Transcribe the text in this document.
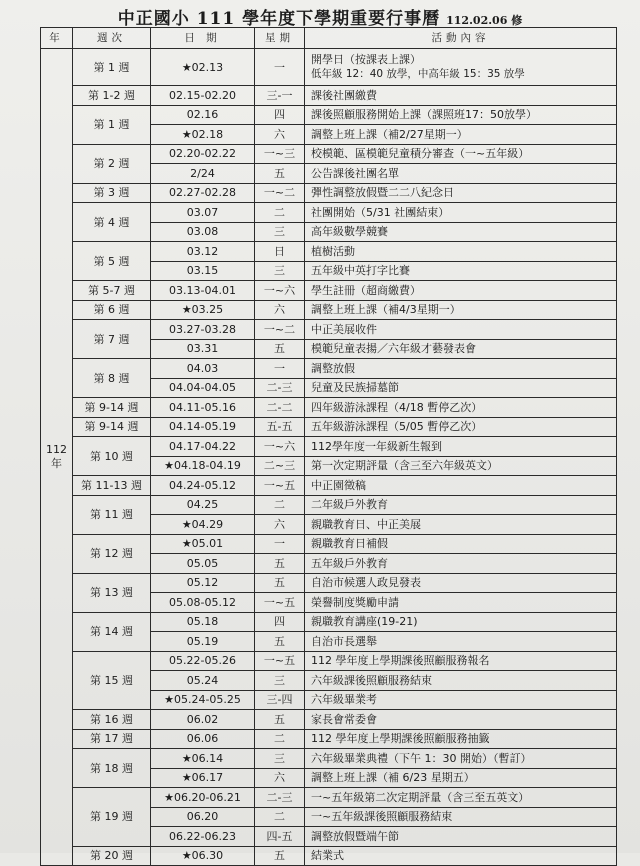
中正國小 111 學年度下學期重要行事曆 112.02.06 修
年	週次	日 期	星期	活動內容
112
年	第 1 週	★02.13	一	開學日（按課表上課）
低年級 12：40 放學，中高年級 15：35 放學

	第 1-2 週	02.15-02.20	三-一	課後社團繳費
	第 1 週	02.16	四	課後照顧服務開始上課（課照班17：50放學）
		★02.18	六	調整上班上課（補2/27星期一）
	第 2 週	02.20-02.22	一~三	校模範、區模範兒童積分審查（一~五年級）
		2/24	五	公告課後社團名單
	第 3 週	02.27-02.28	一~二	彈性調整放假暨二二八紀念日
	第 4 週	03.07	二	社團開始（5/31 社團結束）
		03.08	三	高年級數學競賽
	第 5 週	03.12	日	植樹活動
		03.15	三	五年級中英打字比賽
	第 5-7 週	03.13-04.01	一~六	學生註冊（超商繳費）
	第 6 週	★03.25	六	調整上班上課（補4/3星期一）
	第 7 週	03.27-03.28	一~二	中正美展收件
		03.31	五	模範兒童表揚／六年級才藝發表會
	第 8 週	04.03	一	調整放假
		04.04-04.05	二-三	兒童及民族掃墓節
	第 9-14 週	04.11-05.16	二-二	四年級游泳課程（4/18 暫停乙次）
	第 9-14 週	04.14-05.19	五-五	五年級游泳課程（5/05 暫停乙次）
	第 10 週	04.17-04.22	一~六	112學年度一年級新生報到
		★04.18-04.19	二~三	第一次定期評量（含三至六年級英文）
	第 11-13 週	04.24-05.12	一~五	中正園徵稿
	第 11 週	04.25	二	二年級戶外教育
		★04.29	六	親職教育日、中正美展
	第 12 週	★05.01	一	親職教育日補假
		05.05	五	五年級戶外教育
	第 13 週	05.12	五	自治市候選人政見發表
		05.08-05.12	一~五	榮譽制度獎勵申請
	第 14 週	05.18	四	親職教育講座(19-21)
		05.19	五	自治市長選舉
	第 15 週	05.22-05.26	一~五	112 學年度上學期課後照顧服務報名
		05.24	三	六年級課後照顧服務結束
		★05.24-05.25	三-四	六年級畢業考
	第 16 週	06.02	五	家長會常委會
	第 17 週	06.06	二	112 學年度上學期課後照顧服務抽籤
	第 18 週	★06.14	三	六年級畢業典禮（下午 1：30 開始）（暫訂）
		★06.17	六	調整上班上課（補 6/23 星期五）
	第 19 週	★06.20-06.21	二-三	一~五年級第二次定期評量（含三至五英文）
		06.20	二	一~五年級課後照顧服務結束
		06.22-06.23	四-五	調整放假暨端午節
	第 20 週	★06.30	五	結業式
